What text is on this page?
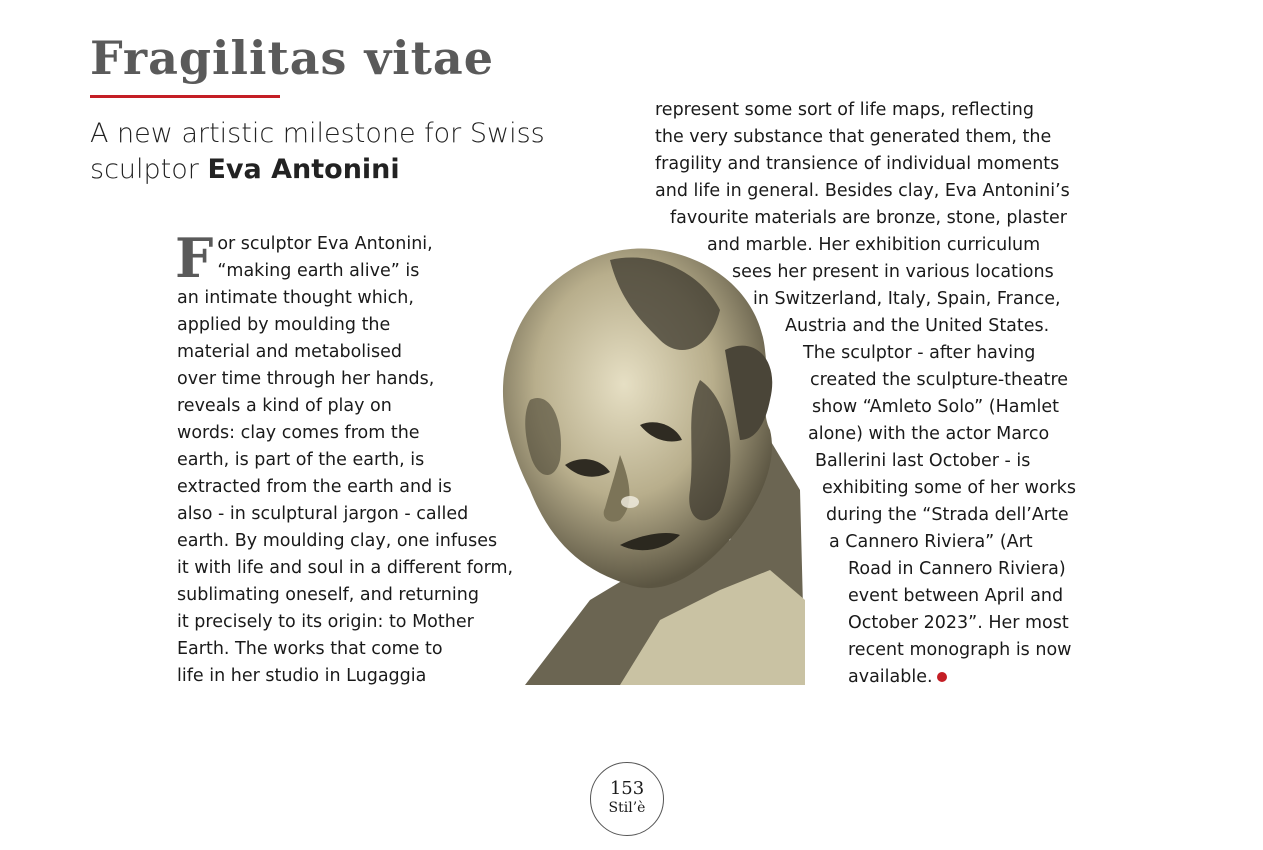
Fragilitas vitae
A new artistic milestone for Swiss sculptor Eva Antonini
F or sculptor Eva Antonini,
“making earth alive” is
an intimate thought which,
applied by moulding the
material and metabolised
over time through her hands,
reveals a kind of play on
words: clay comes from the
earth, is part of the earth, is
extracted from the earth and is
also - in sculptural jargon - called
earth. By moulding clay, one infuses
it with life and soul in a different form,
sublimating oneself, and returning
it precisely to its origin: to Mother
Earth. The works that come to
life in her studio in Lugaggia
represent some sort of life maps, reflecting
the very substance that generated them, the
fragility and transience of individual moments
and life in general. Besides clay, Eva Antonini’s
favourite materials are bronze, stone, plaster
and marble. Her exhibition curriculum
sees her present in various locations
in Switzerland, Italy, Spain, France,
Austria and the United States.
The sculptor - after having
created the sculpture-theatre
show “Amleto Solo” (Hamlet
alone) with the actor Marco
Ballerini last October - is
exhibiting some of her works
during the “Strada dell’Arte
a Cannero Riviera” (Art
Road in Cannero Riviera)
event between April and
October 2023”. Her most
recent monograph is now
available.
153
Stil’è
